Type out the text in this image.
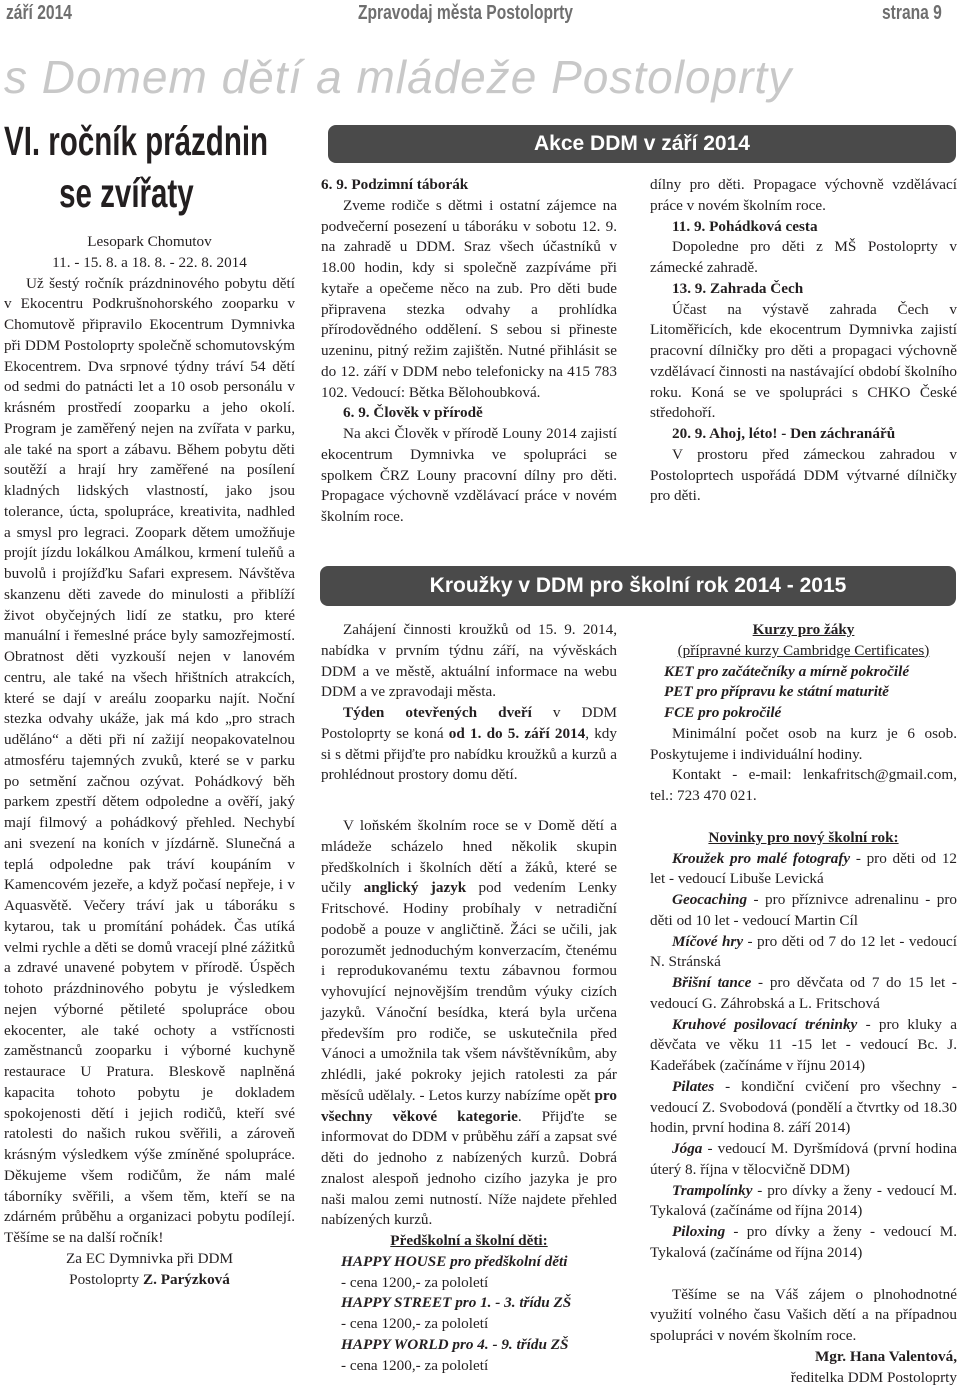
září 2014	Zpravodaj města Postoloprty	strana 9
s Domem dětí a mládeže Postoloprty
VI. ročník prázdnin
se zvířaty

Lesopark Chomutov

11. - 15. 8. a 18. 8. - 22. 8. 2014

Už šestý ročník prázdninového pobytu dětí v Ekocentru Podkrušnohorského zooparku v Chomutově připravilo Ekocentrum Dymnivka při DDM Postoloprty společně schomutovským Ekocentrem. Dva srpnové týdny tráví 54 dětí od sedmi do patnácti let a 10 osob personálu v krásném prostředí zooparku a jeho okolí. Program je zaměřený nejen na zvířata v parku, ale také na sport a zábavu. Během pobytu děti soutěží a hrají hry zaměřené na posílení kladných lidských vlastností, jako jsou tolerance, úcta, spolupráce, kreativita, nadhled a smysl pro legraci. Zoopark dětem umožňuje projít jízdu lokálkou Amálkou, krmení tuleňů a buvolů i projížďku Safari expresem. Návštěva skanzenu děti zavede do minulosti a přiblíží život obyčejných lidí ze statku, pro které manuální i řemeslné práce byly samozřejmostí. Obratnost děti vyzkouší nejen v lanovém centru, ale také na všech hřištních atrakcích, které se dají v areálu zooparku najít. Noční stezka odvahy ukáže, jak má kdo „pro strach uděláno“ a děti při ní zažijí neopakovatelnou atmosféru tajemných zvuků, které se v parku po setmění začnou ozývat. Pohádkový běh parkem zpestří dětem odpoledne a ověří, jaký mají filmový a pohádkový přehled. Nechybí ani svezení na koních v jízdárně. Slunečná a teplá odpoledne pak tráví koupáním v Kamencovém jezeře, a když počasí nepřeje, i v Aquasvětě. Večery tráví jak u táboráku s kytarou, tak u promítání pohádek. Čas utíká velmi rychle a děti se domů vracejí plné zážitků a zdravé unavené pobytem v přírodě. Úspěch tohoto prázdninového pobytu je výsledkem nejen výborné pětileté spolupráce obou ekocenter, ale také ochoty a vstřícnosti zaměstnanců zooparku i výborné kuchyně restaurace U Pratura. Bleskově naplněná kapacita tohoto pobytu je dokladem spokojenosti dětí i jejich rodičů, kteří své ratolesti do našich rukou svěřili, a zároveň krásným výsledkem výše zmíněné spolupráce. Děkujeme všem rodičům, že nám malé táborníky svěřili, a všem těm, kteří se na zdárném průběhu a organizaci pobytu podílejí. Těšíme se na další ročník!

Za EC Dymnivka při DDM

Postoloprty Z. Parýzková

Akce DDM v září 2014

6. 9. Podzimní táborák

Zveme rodiče s dětmi i ostatní zájemce na podvečerní posezení u táboráku v sobotu 12. 9. na zahradě u DDM. Sraz všech účastníků v 18.00 hodin, kdy si společně zazpíváme při kytaře a opečeme něco na zub. Pro děti bude připravena stezka odvahy a prohlídka přírodovědného oddělení. S sebou si přineste uzeninu, pitný režim zajištěn. Nutné přihlásit se do 12. září v DDM nebo telefonicky na 415 783 102. Vedoucí: Bětka Bělohoubková.

6. 9. Člověk v přírodě

Na akci Člověk v přírodě Louny 2014 zajistí ekocentrum Dymnivka ve spolupráci se spolkem ČRZ Louny pracovní dílny pro děti. Propagace výchovně vzdělávací práce v novém školním roce.

dílny pro děti. Propagace výchovně vzdělávací práce v novém školním roce.

11. 9. Pohádková cesta

Dopoledne pro děti z MŠ Postoloprty v zámecké zahradě.

13. 9. Zahrada Čech

Účast na výstavě zahrada Čech v Litoměřicích, kde ekocentrum Dymnivka zajistí pracovní dílničky pro děti a propagaci výchovně vzdělávací činnosti na nastávající období školního roku. Koná se ve spolupráci s CHKO České středohoří.

20. 9. Ahoj, léto! - Den záchranářů

V prostoru před zámeckou zahradou v Postoloprtech uspořádá DDM výtvarné dílničky pro děti.

Kroužky v DDM pro školní rok 2014 - 2015

Zahájení činnosti kroužků od 15. 9. 2014, nabídka v prvním týdnu září, na vývěskách DDM a ve městě, aktuální informace na webu DDM a ve zpravodaji města.

Týden otevřených dveří v DDM Postoloprty se koná od 1. do 5. září 2014, kdy si s dětmi přijďte pro nabídku kroužků a kurzů a prohlédnout prostory domu dětí.

V loňském školním roce se v Domě dětí a mládeže scházelo hned několik skupin předškolních i školních dětí a žáků, které se učily anglický jazyk pod vedením Lenky Fritschové. Hodiny probíhaly v netradiční podobě a pouze v angličtině. Žáci se učili, jak porozumět jednoduchým konverzacím, čtenému i reprodukovanému textu zábavnou formou vyhovující nejnovějším trendům výuky cizích jazyků. Vánoční besídka, která byla určena především pro rodiče, se uskutečnila před Vánoci a umožnila tak všem návštěvníkům, aby zhlédli, jaké pokroky jejich ratolesti za pár měsíců udělaly. - Letos kurzy nabízíme opět pro všechny věkové kategorie. Přijďte se informovat do DDM v průběhu září a zapsat své děti do jednoho z nabízených kurzů. Dobrá znalost alespoň jednoho cizího jazyka je pro naši malou zemi nutností. Níže najdete přehled nabízených kurzů.

Předškolní a školní děti:

HAPPY HOUSE pro předškolní děti

- cena 1200,- za pololetí

HAPPY STREET pro 1. - 3. třídu ZŠ

- cena 1200,- za pololetí

HAPPY WORLD pro 4. - 9. třídu ZŠ

- cena 1200,- za pololetí

Kurzy pro žáky

(přípravné kurzy Cambridge Certificates)

KET pro začátečníky a mírně pokročilé

PET pro přípravu ke státní maturitě

FCE pro pokročilé

Minimální počet osob na kurz je 6 osob. Poskytujeme i individuální hodiny.

Kontakt - e-mail: lenkafritsch@gmail.com, tel.: 723 470 021.

Novinky pro nový školní rok:

Kroužek pro malé fotografy - pro děti od 12 let - vedoucí Libuše Levická

Geocaching - pro příznivce adrenalinu - pro děti od 10 let - vedoucí Martin Cíl

Míčové hry - pro děti od 7 do 12 let - vedoucí N. Stránská

Břišní tance - pro děvčata od 7 do 15 let - vedoucí G. Záhrobská a L. Fritschová

Kruhové posilovací tréninky - pro kluky a děvčata ve věku 11 -15 let - vedoucí Bc. J. Kadeřábek (začínáme v říjnu 2014)

Pilates - kondiční cvičení pro všechny - vedoucí Z. Svobodová (pondělí a čtvrtky od 18.30 hodin, první hodina 8. září 2014)

Jóga - vedoucí M. Dyršmídová (první hodina úterý 8. října v tělocvičně DDM)

Trampolínky - pro dívky a ženy - vedoucí M. Tykalová (začínáme od října 2014)

Piloxing - pro dívky a ženy - vedoucí M. Tykalová (začínáme od října 2014)

Těšíme se na Váš zájem o plnohodnotné využití volného času Vašich dětí a na případnou spolupráci v novém školním roce.

Mgr. Hana Valentová,

ředitelka DDM Postoloprty
